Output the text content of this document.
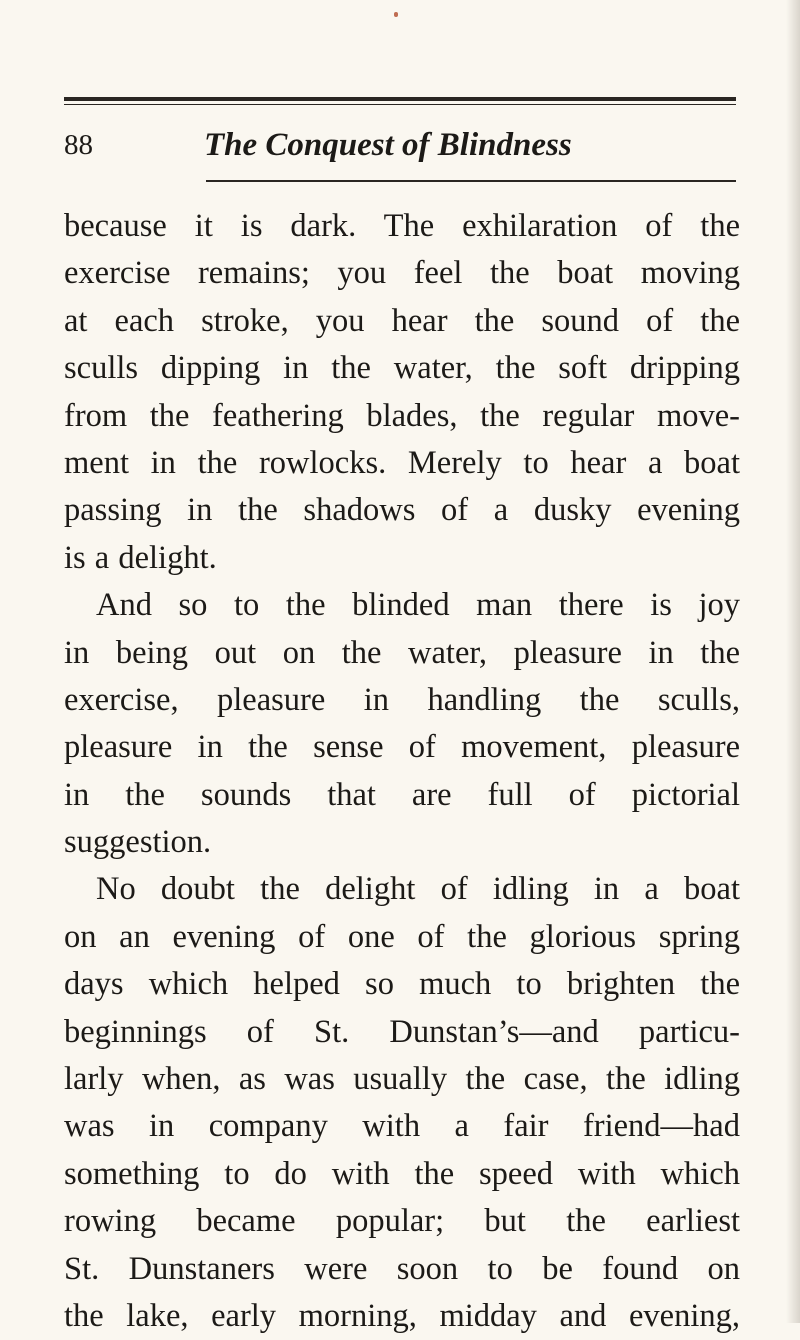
88	The Conquest of Blindness
because it is dark. The exhilaration of the
exercise remains; you feel the boat moving
at each stroke, you hear the sound of the
sculls dipping in the water, the soft dripping
from the feathering blades, the regular move-
ment in the rowlocks. Merely to hear a boat
passing in the shadows of a dusky evening
is a delight.
And so to the blinded man there is joy
in being out on the water, pleasure in the
exercise, pleasure in handling the sculls,
pleasure in the sense of movement, pleasure
in the sounds that are full of pictorial
suggestion.
No doubt the delight of idling in a boat
on an evening of one of the glorious spring
days which helped so much to brighten the
beginnings of St. Dunstan’s—and particu-
larly when, as was usually the case, the idling
was in company with a fair friend—had
something to do with the speed with which
rowing became popular; but the earliest
St. Dunstaners were soon to be found on
the lake, early morning, midday and evening,
